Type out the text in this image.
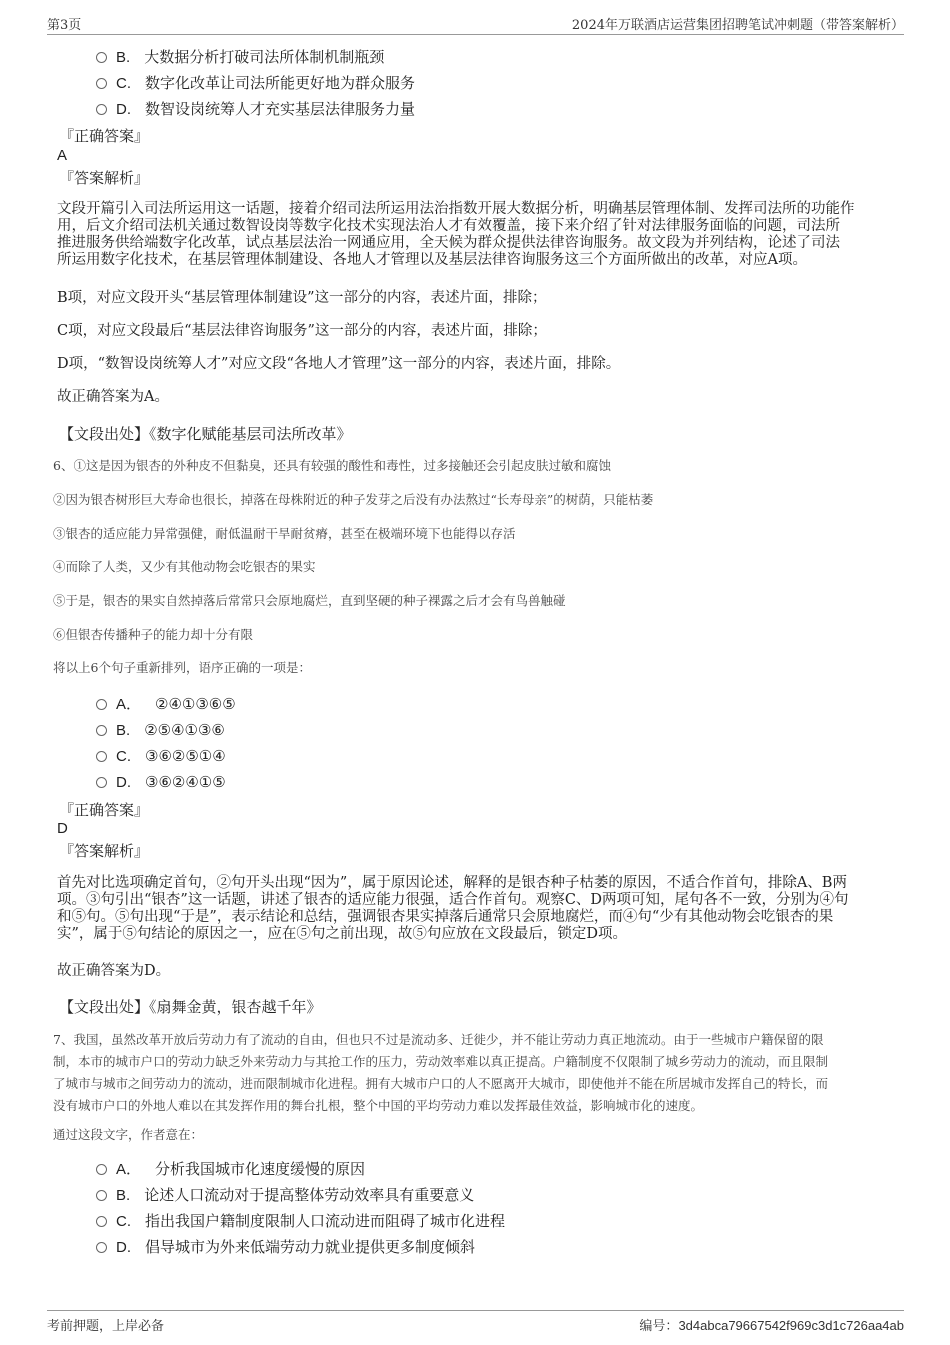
第3页	2024年万联酒店运营集团招聘笔试冲刺题（带答案解析）
B. 大数据分析打破司法所体制机制瓶颈
C. 数字化改革让司法所能更好地为群众服务
D. 数智设岗统筹人才充实基层法律服务力量
『正确答案』
A
『答案解析』
文段开篇引入司法所运用这一话题，接着介绍司法所运用法治指数开展大数据分析，明确基层管理体制、发挥司法所的功能作
用，后文介绍司法机关通过数智设岗等数字化技术实现法治人才有效覆盖，接下来介绍了针对法律服务面临的问题，司法所
推进服务供给端数字化改革，试点基层法治一网通应用，全天候为群众提供法律咨询服务。故文段为并列结构，论述了司法
所运用数字化技术，在基层管理体制建设、各地人才管理以及基层法律咨询服务这三个方面所做出的改革，对应A项。
B项，对应文段开头“基层管理体制建设”这一部分的内容，表述片面，排除；
C项，对应文段最后“基层法律咨询服务”这一部分的内容，表述片面，排除；
D项，“数智设岗统筹人才”对应文段“各地人才管理”这一部分的内容，表述片面，排除。
故正确答案为A。
【文段出处】《数字化赋能基层司法所改革》
6、①这是因为银杏的外种皮不但黏臭，还具有较强的酸性和毒性，过多接触还会引起皮肤过敏和腐蚀
②因为银杏树形巨大寿命也很长，掉落在母株附近的种子发芽之后没有办法熬过“长寿母亲”的树荫，只能枯萎
③银杏的适应能力异常强健，耐低温耐干旱耐贫瘠，甚至在极端环境下也能得以存活
④而除了人类，又少有其他动物会吃银杏的果实
⑤于是，银杏的果实自然掉落后常常只会原地腐烂，直到坚硬的种子裸露之后才会有鸟兽触碰
⑥但银杏传播种子的能力却十分有限
将以上6个句子重新排列，语序正确的一项是：
A． ②④①③⑥⑤
B. ②⑤④①③⑥
C. ③⑥②⑤①④
D. ③⑥②④①⑤
『正确答案』
D
『答案解析』
首先对比选项确定首句，②句开头出现“因为”，属于原因论述，解释的是银杏种子枯萎的原因，不适合作首句，排除A、B两
项。③句引出“银杏”这一话题，讲述了银杏的适应能力很强，适合作首句。观察C、D两项可知，尾句各不一致，分别为④句
和⑤句。⑤句出现“于是”，表示结论和总结，强调银杏果实掉落后通常只会原地腐烂，而④句“少有其他动物会吃银杏的果
实”，属于⑤句结论的原因之一，应在⑤句之前出现，故⑤句应放在文段最后，锁定D项。
故正确答案为D。
【文段出处】《扇舞金黄，银杏越千年》
7、我国，虽然改革开放后劳动力有了流动的自由，但也只不过是流动多、迁徙少，并不能让劳动力真正地流动。由于一些城市户籍保留的限
制，本市的城市户口的劳动力缺乏外来劳动力与其抢工作的压力，劳动效率难以真正提高。户籍制度不仅限制了城乡劳动力的流动，而且限制
了城市与城市之间劳动力的流动，进而限制城市化进程。拥有大城市户口的人不愿离开大城市，即使他并不能在所居城市发挥自己的特长，而
没有城市户口的外地人难以在其发挥作用的舞台扎根，整个中国的平均劳动力难以发挥最佳效益，影响城市化的速度。
通过这段文字，作者意在：
A． 分析我国城市化速度缓慢的原因
B. 论述人口流动对于提高整体劳动效率具有重要意义
C. 指出我国户籍制度限制人口流动进而阻碍了城市化进程
D. 倡导城市为外来低端劳动力就业提供更多制度倾斜
考前押题，上岸必备	编号：3d4abca79667542f969c3d1c726aa4ab
